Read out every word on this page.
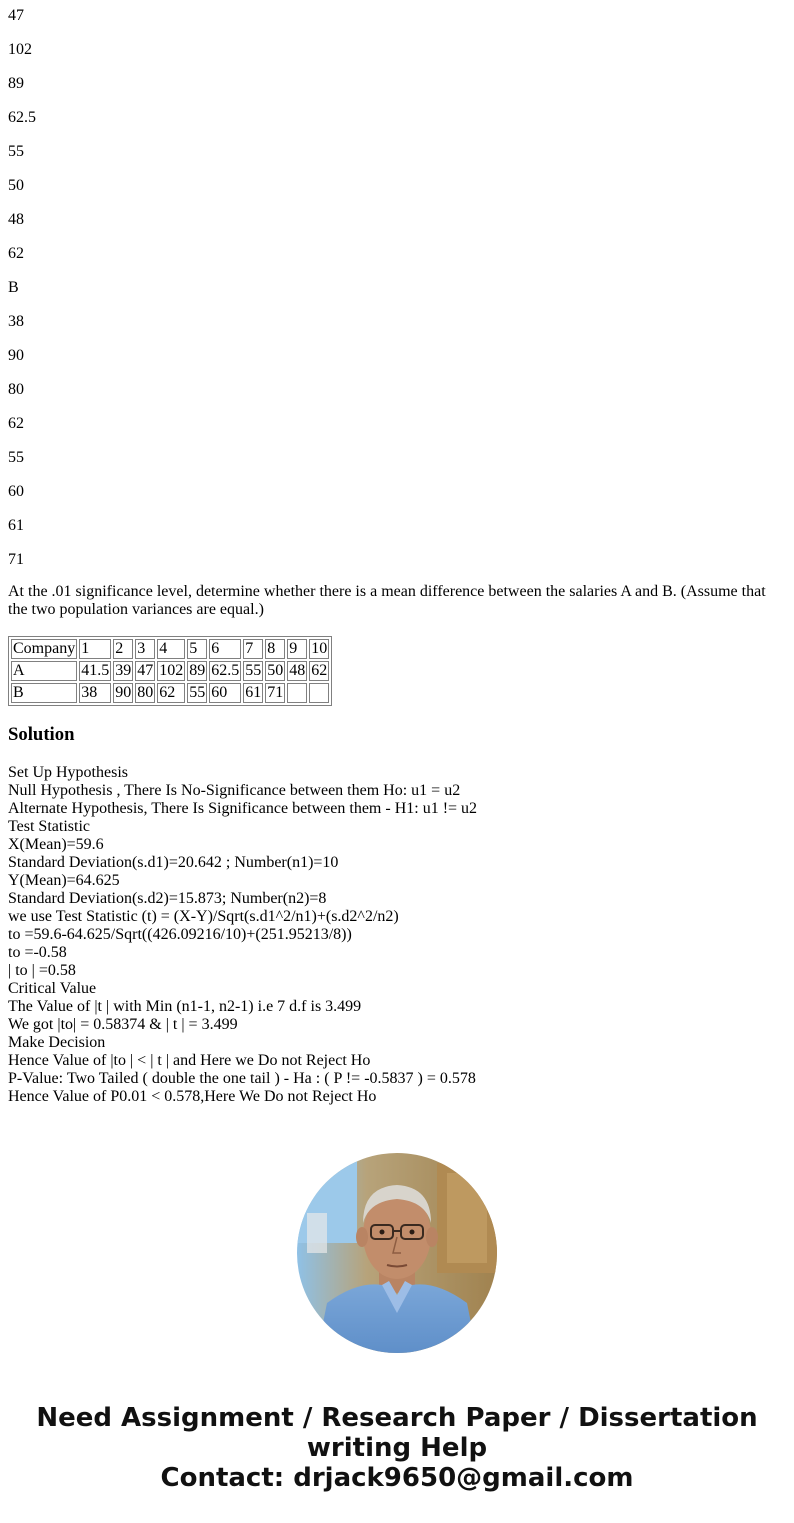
47

102

89

62.5

55

50

48

62

B

38

90

80

62

55

60

61

71

At the .01 significance level, determine whether there is a mean difference between the salaries A and B. (Assume that the two population variances are equal.)

Company	1	2	3	4	5	6	7	8	9	10
A	41.5	39	47	102	89	62.5	55	50	48	62
B	38	90	80	62	55	60	61	71		
Solution
Set Up Hypothesis
Null Hypothesis , There Is No-Significance between them Ho: u1 = u2
Alternate Hypothesis, There Is Significance between them - H1: u1 != u2
Test Statistic
X(Mean)=59.6
Standard Deviation(s.d1)=20.642 ; Number(n1)=10
Y(Mean)=64.625
Standard Deviation(s.d2)=15.873; Number(n2)=8
we use Test Statistic (t) = (X-Y)/Sqrt(s.d1^2/n1)+(s.d2^2/n2)
to =59.6-64.625/Sqrt((426.09216/10)+(251.95213/8))
to =-0.58
| to | =0.58
Critical Value
The Value of |t | with Min (n1-1, n2-1) i.e 7 d.f is 3.499
We got |to| = 0.58374 & | t | = 3.499
Make Decision
Hence Value of |to | < | t | and Here we Do not Reject Ho
P-Value: Two Tailed ( double the one tail ) - Ha : ( P != -0.5837 ) = 0.578
Hence Value of P0.01 < 0.578,Here We Do not Reject Ho
Need Assignment / Research Paper / Dissertation
writing Help
Contact: drjack9650@gmail.com
